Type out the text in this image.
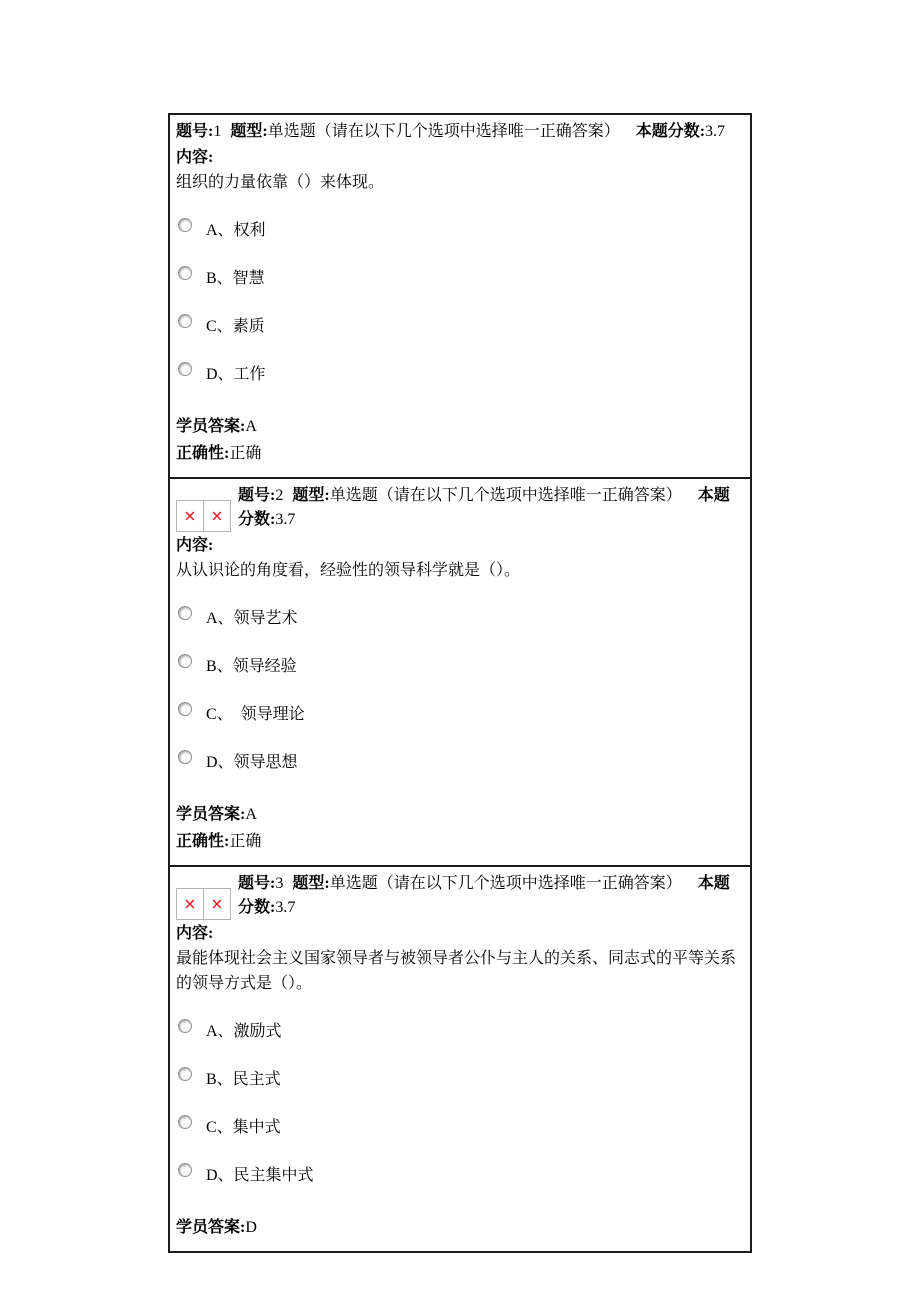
题号:1 题型:单选题（请在以下几个选项中选择唯一正确答案） 本题分数:3.7
内容:
组织的力量依靠（）来体现。
A、权利
B、智慧
C、素质
D、工作
学员答案:A
正确性:正确
× ×
题号:2 题型:单选题（请在以下几个选项中选择唯一正确答案） 本题分数:3.7
内容:
从认识论的角度看，经验性的领导科学就是（）。
A、领导艺术
B、领导经验
C、　领导理论
D、领导思想
学员答案:A
正确性:正确
× ×
题号:3 题型:单选题（请在以下几个选项中选择唯一正确答案） 本题分数:3.7
内容:
最能体现社会主义国家领导者与被领导者公仆与主人的关系、同志式的平等关系的领导方式是（）。
A、激励式
B、民主式
C、集中式
D、民主集中式
学员答案:D
